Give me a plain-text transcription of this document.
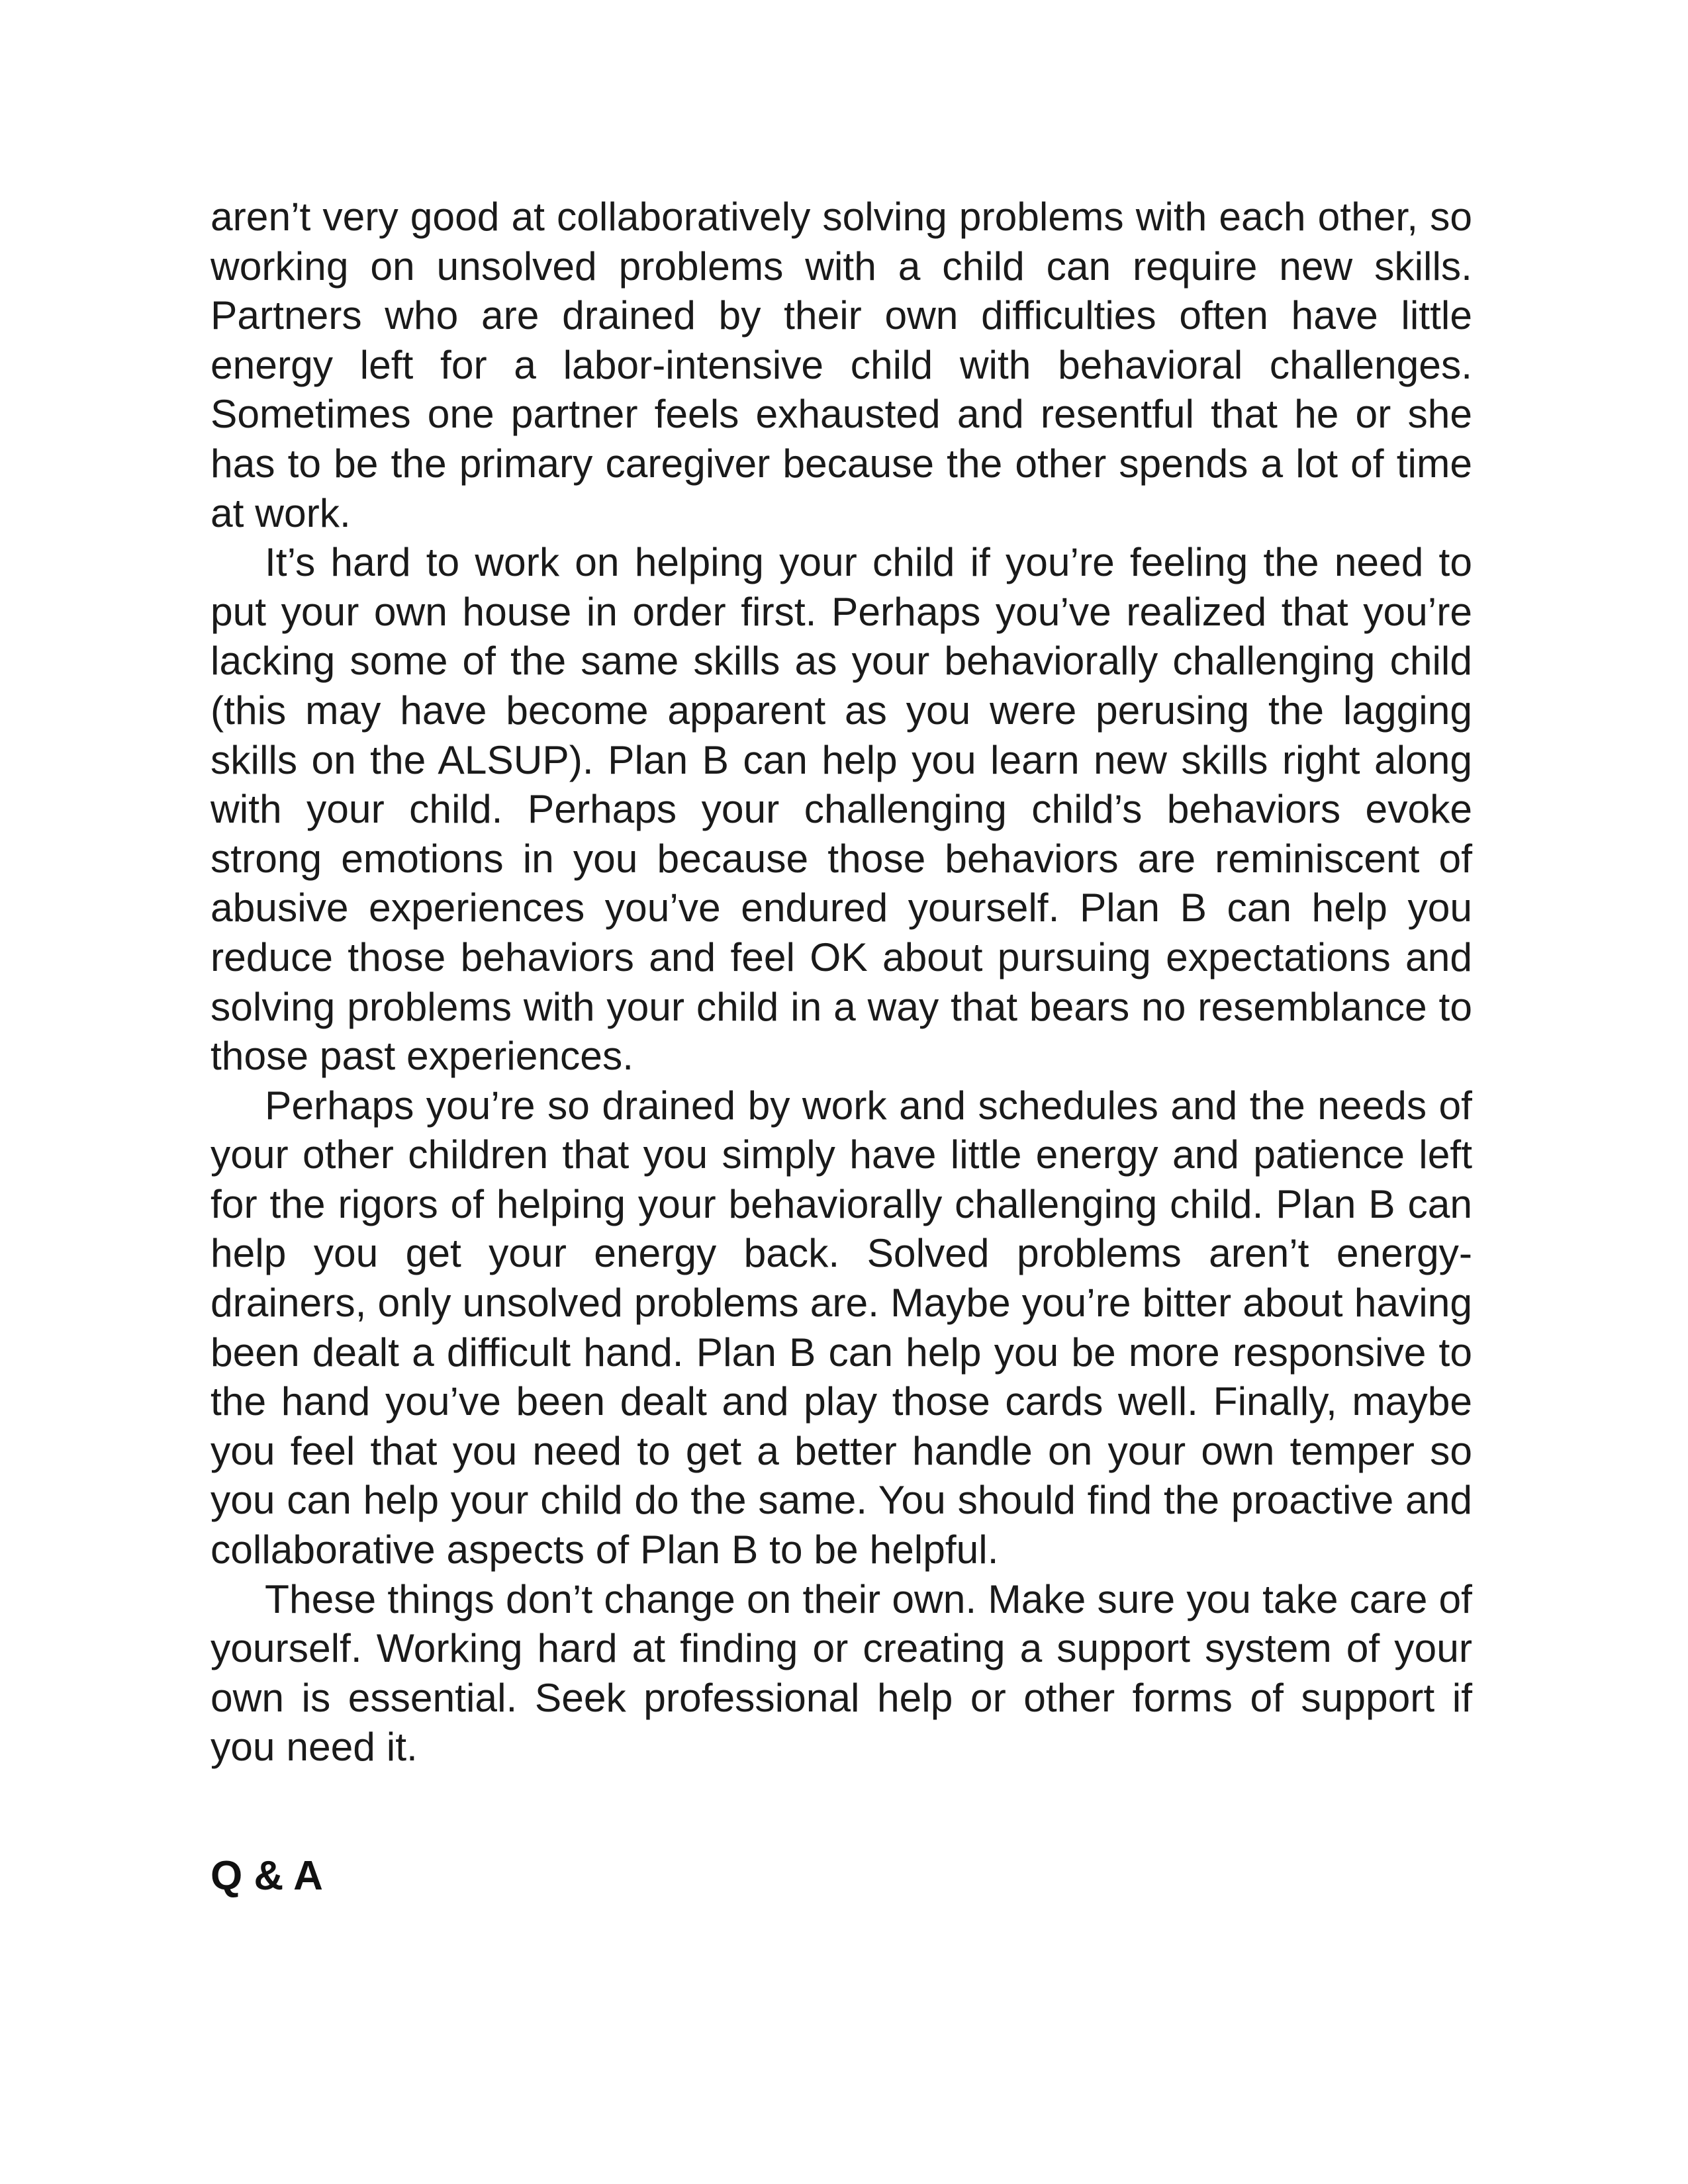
aren’t very good at collaboratively solving problems with each other, so working on unsolved problems with a child can require new skills. Partners who are drained by their own difficulties often have little energy left for a labor-intensive child with behavioral challenges. Sometimes one partner feels exhausted and resentful that he or she has to be the primary caregiver because the other spends a lot of time at work.

It’s hard to work on helping your child if you’re feeling the need to put your own house in order first. Perhaps you’ve realized that you’re lacking some of the same skills as your behaviorally challenging child (this may have become apparent as you were perusing the lagging skills on the ALSUP). Plan B can help you learn new skills right along with your child. Perhaps your challenging child’s behaviors evoke strong emotions in you because those behaviors are reminiscent of abusive experiences you’ve endured yourself. Plan B can help you reduce those behaviors and feel OK about pursuing expectations and solving problems with your child in a way that bears no resemblance to those past experiences.

Perhaps you’re so drained by work and schedules and the needs of your other children that you simply have little energy and patience left for the rigors of helping your behaviorally challenging child. Plan B can help you get your energy back. Solved problems aren’t energy-drainers, only unsolved problems are. Maybe you’re bitter about having been dealt a difficult hand. Plan B can help you be more responsive to the hand you’ve been dealt and play those cards well. Finally, maybe you feel that you need to get a better handle on your own temper so you can help your child do the same. You should find the proactive and collaborative aspects of Plan B to be helpful.

These things don’t change on their own. Make sure you take care of yourself. Working hard at finding or creating a support system of your own is essential. Seek professional help or other forms of support if you need it.

Q & A
